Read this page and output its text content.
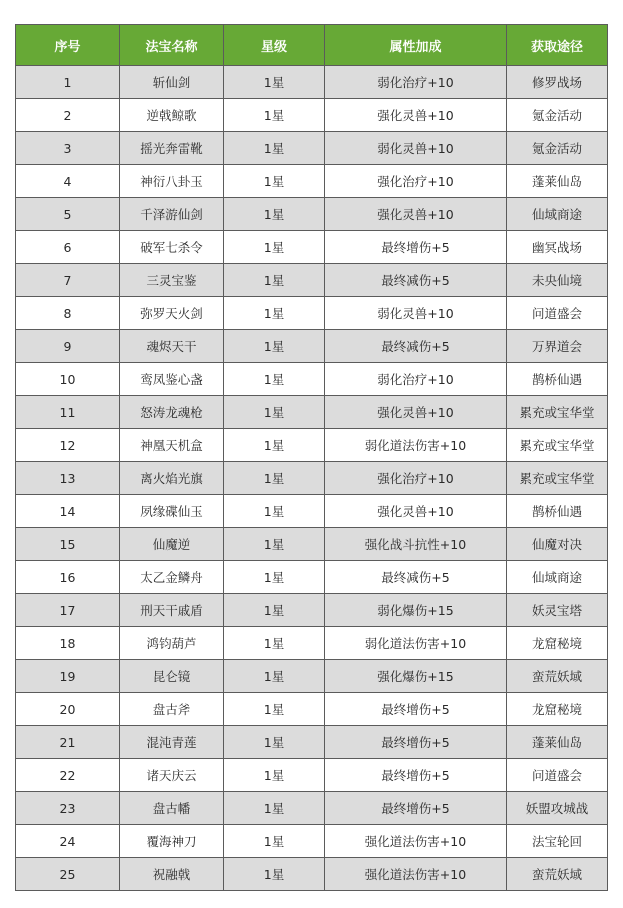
序号	法宝名称	星级	属性加成	获取途径
1	斩仙剑	1星	弱化治疗+10	修罗战场
2	逆戟鲸歌	1星	强化灵兽+10	氪金活动
3	摇光奔雷靴	1星	弱化灵兽+10	氪金活动
4	神衍八卦玉	1星	强化治疗+10	蓬莱仙岛
5	千泽游仙剑	1星	强化灵兽+10	仙域商途
6	破军七杀令	1星	最终增伤+5	幽冥战场
7	三灵宝鉴	1星	最终减伤+5	未央仙境
8	弥罗天火剑	1星	弱化灵兽+10	问道盛会
9	魂烬天干	1星	最终减伤+5	万界道会
10	鸾凤鉴心盏	1星	弱化治疗+10	鹊桥仙遇
11	怒涛龙魂枪	1星	强化灵兽+10	累充或宝华堂
12	神凰天机盒	1星	弱化道法伤害+10	累充或宝华堂
13	离火焰光旗	1星	强化治疗+10	累充或宝华堂
14	夙缘碟仙玉	1星	强化灵兽+10	鹊桥仙遇
15	仙魔逆	1星	强化战斗抗性+10	仙魔对决
16	太乙金鳞舟	1星	最终减伤+5	仙域商途
17	刑天干戚盾	1星	弱化爆伤+15	妖灵宝塔
18	鸿钧葫芦	1星	弱化道法伤害+10	龙窟秘境
19	昆仑镜	1星	强化爆伤+15	蛮荒妖域
20	盘古斧	1星	最终增伤+5	龙窟秘境
21	混沌青莲	1星	最终增伤+5	蓬莱仙岛
22	诸天庆云	1星	最终增伤+5	问道盛会
23	盘古幡	1星	最终增伤+5	妖盟攻城战
24	覆海神刀	1星	强化道法伤害+10	法宝轮回
25	祝融戟	1星	强化道法伤害+10	蛮荒妖域
